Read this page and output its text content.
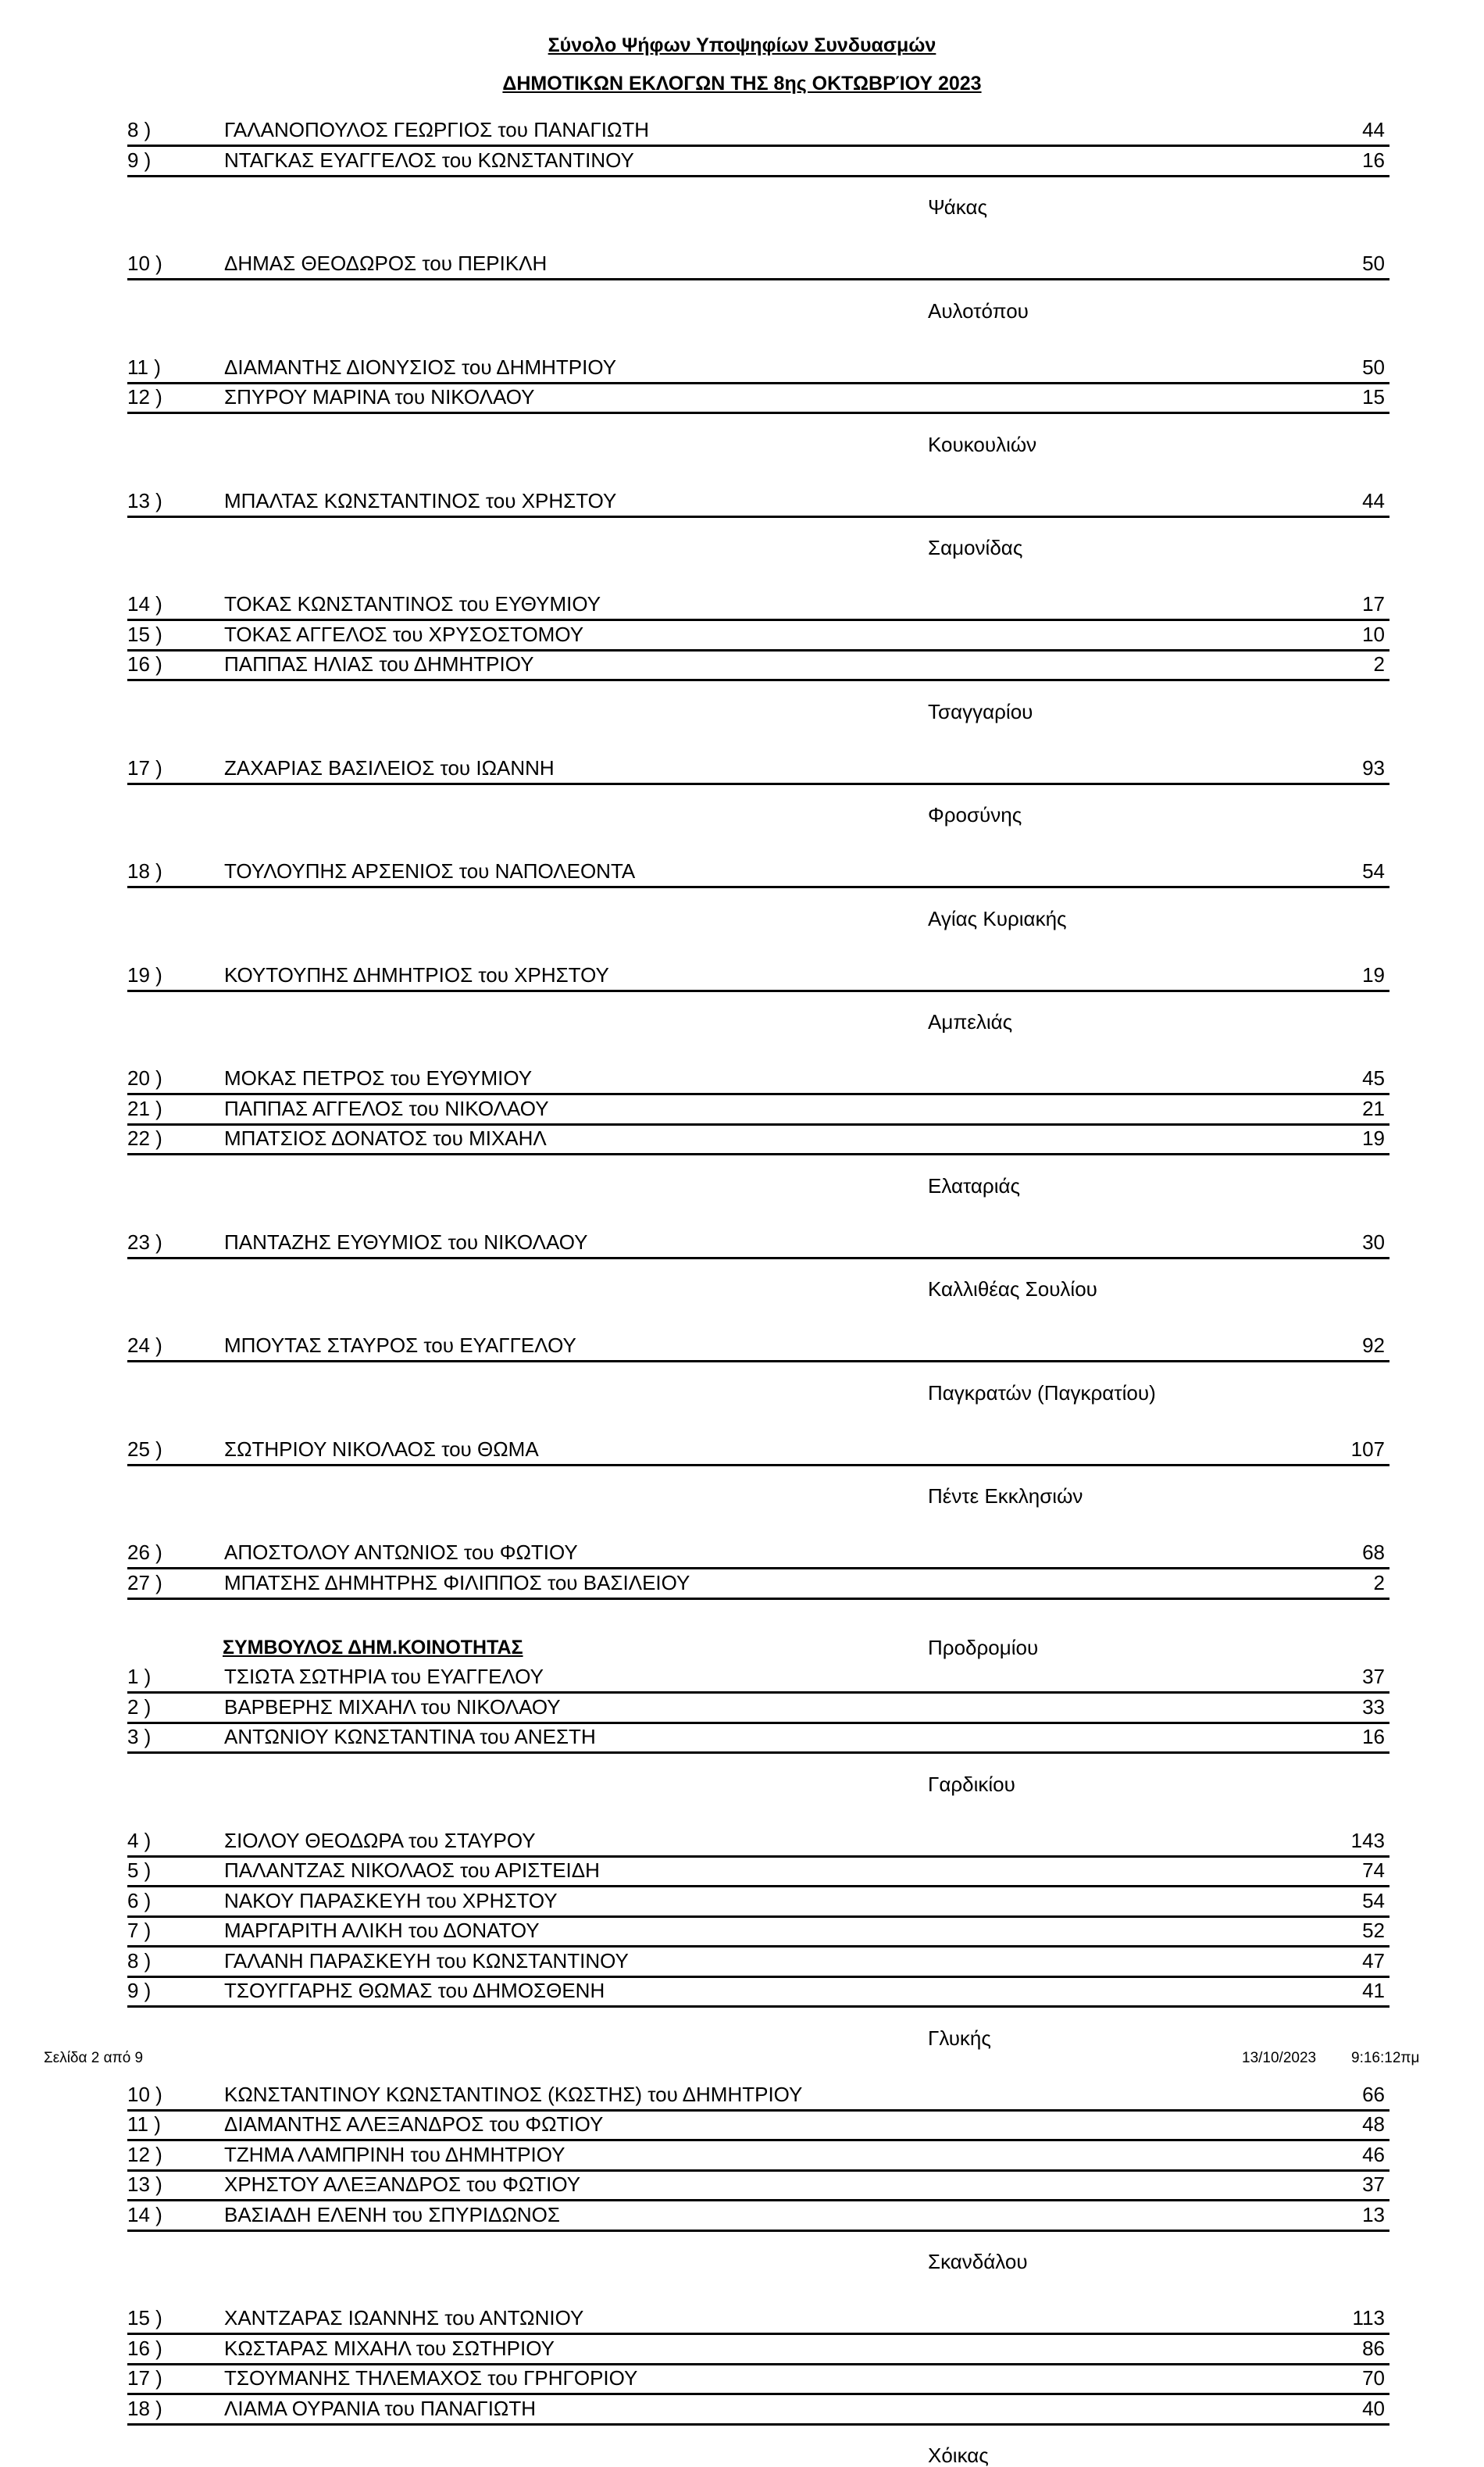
Σύνολο Ψήφων Υποψηφίων Συνδυασμών
ΔΗΜΟΤΙΚΩΝ ΕΚΛΟΓΩΝ ΤΗΣ 8ης ΟΚΤΩΒΡΊΟΥ 2023
8 )	ΓΑΛΑΝΟΠΟΥΛΟΣ ΓΕΩΡΓΙΟΣ του ΠΑΝΑΓΙΩΤΗ	44
9 )	ΝΤΑΓΚΑΣ ΕΥΑΓΓΕΛΟΣ του ΚΩΝΣΤΑΝΤΙΝΟΥ	16
Ψάκας
10 )	ΔΗΜΑΣ ΘΕΟΔΩΡΟΣ του ΠΕΡΙΚΛΗ	50
Αυλοτόπου
11 )	ΔΙΑΜΑΝΤΗΣ ΔΙΟΝΥΣΙΟΣ του ΔΗΜΗΤΡΙΟΥ	50
12 )	ΣΠΥΡΟΥ ΜΑΡΙΝΑ του ΝΙΚΟΛΑΟΥ	15
Κουκουλιών
13 )	ΜΠΑΛΤΑΣ ΚΩΝΣΤΑΝΤΙΝΟΣ του ΧΡΗΣΤΟΥ	44
Σαμονίδας
14 )	ΤΟΚΑΣ ΚΩΝΣΤΑΝΤΙΝΟΣ του ΕΥΘΥΜΙΟΥ	17
15 )	ΤΟΚΑΣ ΑΓΓΕΛΟΣ του ΧΡΥΣΟΣΤΟΜΟΥ	10
16 )	ΠΑΠΠΑΣ ΗΛΙΑΣ του ΔΗΜΗΤΡΙΟΥ	2
Τσαγγαρίου
17 )	ΖΑΧΑΡΙΑΣ ΒΑΣΙΛΕΙΟΣ του ΙΩΑΝΝΗ	93
Φροσύνης
18 )	ΤΟΥΛΟΥΠΗΣ ΑΡΣΕΝΙΟΣ του ΝΑΠΟΛΕΟΝΤΑ	54
Αγίας Κυριακής
19 )	ΚΟΥΤΟΥΠΗΣ ΔΗΜΗΤΡΙΟΣ του ΧΡΗΣΤΟΥ	19
Αμπελιάς
20 )	ΜΟΚΑΣ ΠΕΤΡΟΣ του ΕΥΘΥΜΙΟΥ	45
21 )	ΠΑΠΠΑΣ ΑΓΓΕΛΟΣ του ΝΙΚΟΛΑΟΥ	21
22 )	ΜΠΑΤΣΙΟΣ ΔΟΝΑΤΟΣ του ΜΙΧΑΗΛ	19
Ελαταριάς
23 )	ΠΑΝΤΑΖΗΣ ΕΥΘΥΜΙΟΣ του ΝΙΚΟΛΑΟΥ	30
Καλλιθέας Σουλίου
24 )	ΜΠΟΥΤΑΣ ΣΤΑΥΡΟΣ του ΕΥΑΓΓΕΛΟΥ	92
Παγκρατών (Παγκρατίου)
25 )	ΣΩΤΗΡΙΟΥ ΝΙΚΟΛΑΟΣ του ΘΩΜΑ	107
Πέντε Εκκλησιών
26 )	ΑΠΟΣΤΟΛΟΥ ΑΝΤΩΝΙΟΣ του ΦΩΤΙΟΥ	68
27 )	ΜΠΑΤΣΗΣ ΔΗΜΗΤΡΗΣ ΦΙΛΙΠΠΟΣ του ΒΑΣΙΛΕΙΟΥ	2
ΣΥΜΒΟΥΛΟΣ ΔΗΜ.ΚΟΙΝΟΤΗΤΑΣ	Προδρομίου
1 )	ΤΣΙΩΤΑ ΣΩΤΗΡΙΑ του ΕΥΑΓΓΕΛΟΥ	37
2 )	ΒΑΡΒΕΡΗΣ ΜΙΧΑΗΛ του ΝΙΚΟΛΑΟΥ	33
3 )	ΑΝΤΩΝΙΟΥ ΚΩΝΣΤΑΝΤΙΝΑ του ΑΝΕΣΤΗ	16
Γαρδικίου
4 )	ΣΙΟΛΟΥ ΘΕΟΔΩΡΑ του ΣΤΑΥΡΟΥ	143
5 )	ΠΑΛΑΝΤΖΑΣ ΝΙΚΟΛΑΟΣ του ΑΡΙΣΤΕΙΔΗ	74
6 )	ΝΑΚΟΥ ΠΑΡΑΣΚΕΥΗ του ΧΡΗΣΤΟΥ	54
7 )	ΜΑΡΓΑΡΙΤΗ ΑΛΙΚΗ του ΔΟΝΑΤΟΥ	52
8 )	ΓΑΛΑΝΗ ΠΑΡΑΣΚΕΥΗ του ΚΩΝΣΤΑΝΤΙΝΟΥ	47
9 )	ΤΣΟΥΓΓΑΡΗΣ ΘΩΜΑΣ του ΔΗΜΟΣΘΕΝΗ	41
Γλυκής
10 )	ΚΩΝΣΤΑΝΤΙΝΟΥ ΚΩΝΣΤΑΝΤΙΝΟΣ (ΚΩΣΤΗΣ) του ΔΗΜΗΤΡΙΟΥ	66
11 )	ΔΙΑΜΑΝΤΗΣ ΑΛΕΞΑΝΔΡΟΣ του ΦΩΤΙΟΥ	48
12 )	ΤΖΗΜΑ ΛΑΜΠΡΙΝΗ του ΔΗΜΗΤΡΙΟΥ	46
13 )	ΧΡΗΣΤΟΥ ΑΛΕΞΑΝΔΡΟΣ του ΦΩΤΙΟΥ	37
14 )	ΒΑΣΙΑΔΗ ΕΛΕΝΗ του ΣΠΥΡΙΔΩΝΟΣ	13
Σκανδάλου
15 )	ΧΑΝΤΖΑΡΑΣ ΙΩΑΝΝΗΣ του ΑΝΤΩΝΙΟΥ	113
16 )	ΚΩΣΤΑΡΑΣ ΜΙΧΑΗΛ του ΣΩΤΗΡΙΟΥ	86
17 )	ΤΣΟΥΜΑΝΗΣ ΤΗΛΕΜΑΧΟΣ του ΓΡΗΓΟΡΙΟΥ	70
18 )	ΛΙΑΜΑ ΟΥΡΑΝΙΑ του ΠΑΝΑΓΙΩΤΗ	40
Χόικας
Σελίδα 2 από 9	13/10/2023 9:16:12πμ
